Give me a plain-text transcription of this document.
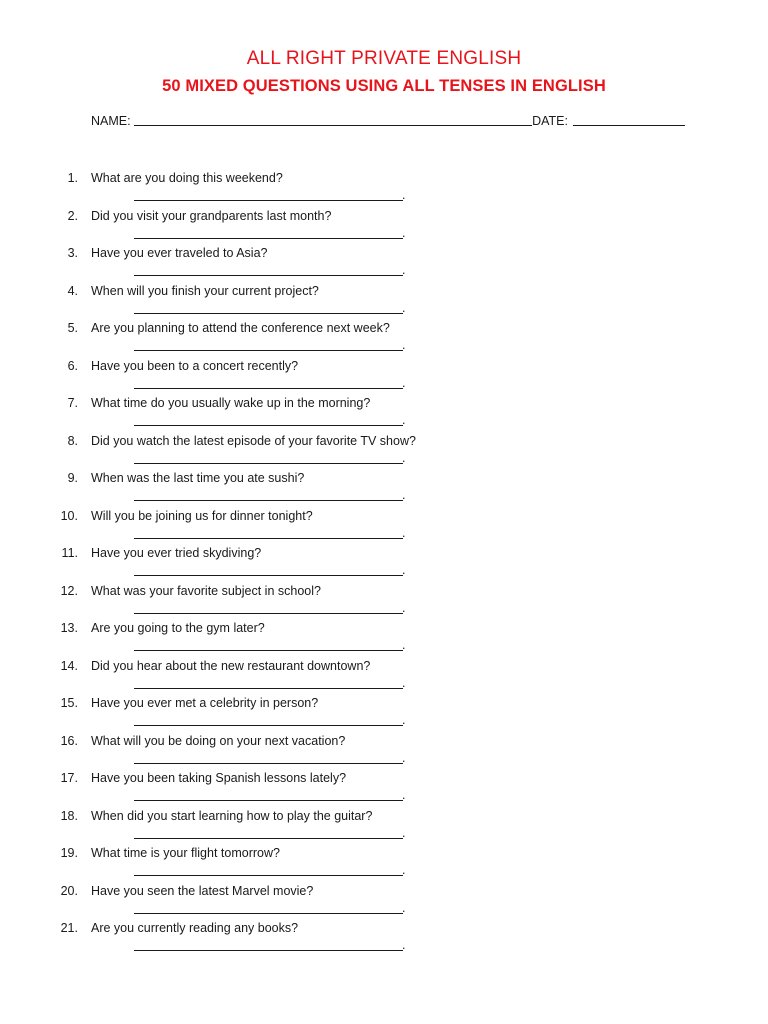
ALL RIGHT PRIVATE ENGLISH
50 MIXED QUESTIONS USING ALL TENSES IN ENGLISH
NAME:	DATE:
1. What are you doing this weekend?
.
2. Did you visit your grandparents last month?
.
3. Have you ever traveled to Asia?
.
4. When will you finish your current project?
.
5. Are you planning to attend the conference next week?
.
6. Have you been to a concert recently?
.
7. What time do you usually wake up in the morning?
.
8. Did you watch the latest episode of your favorite TV show?
.
9. When was the last time you ate sushi?
.
10. Will you be joining us for dinner tonight?
.
11. Have you ever tried skydiving?
.
12. What was your favorite subject in school?
.
13. Are you going to the gym later?
.
14. Did you hear about the new restaurant downtown?
.
15. Have you ever met a celebrity in person?
.
16. What will you be doing on your next vacation?
.
17. Have you been taking Spanish lessons lately?
.
18. When did you start learning how to play the guitar?
.
19. What time is your flight tomorrow?
.
20. Have you seen the latest Marvel movie?
.
21. Are you currently reading any books?
.
